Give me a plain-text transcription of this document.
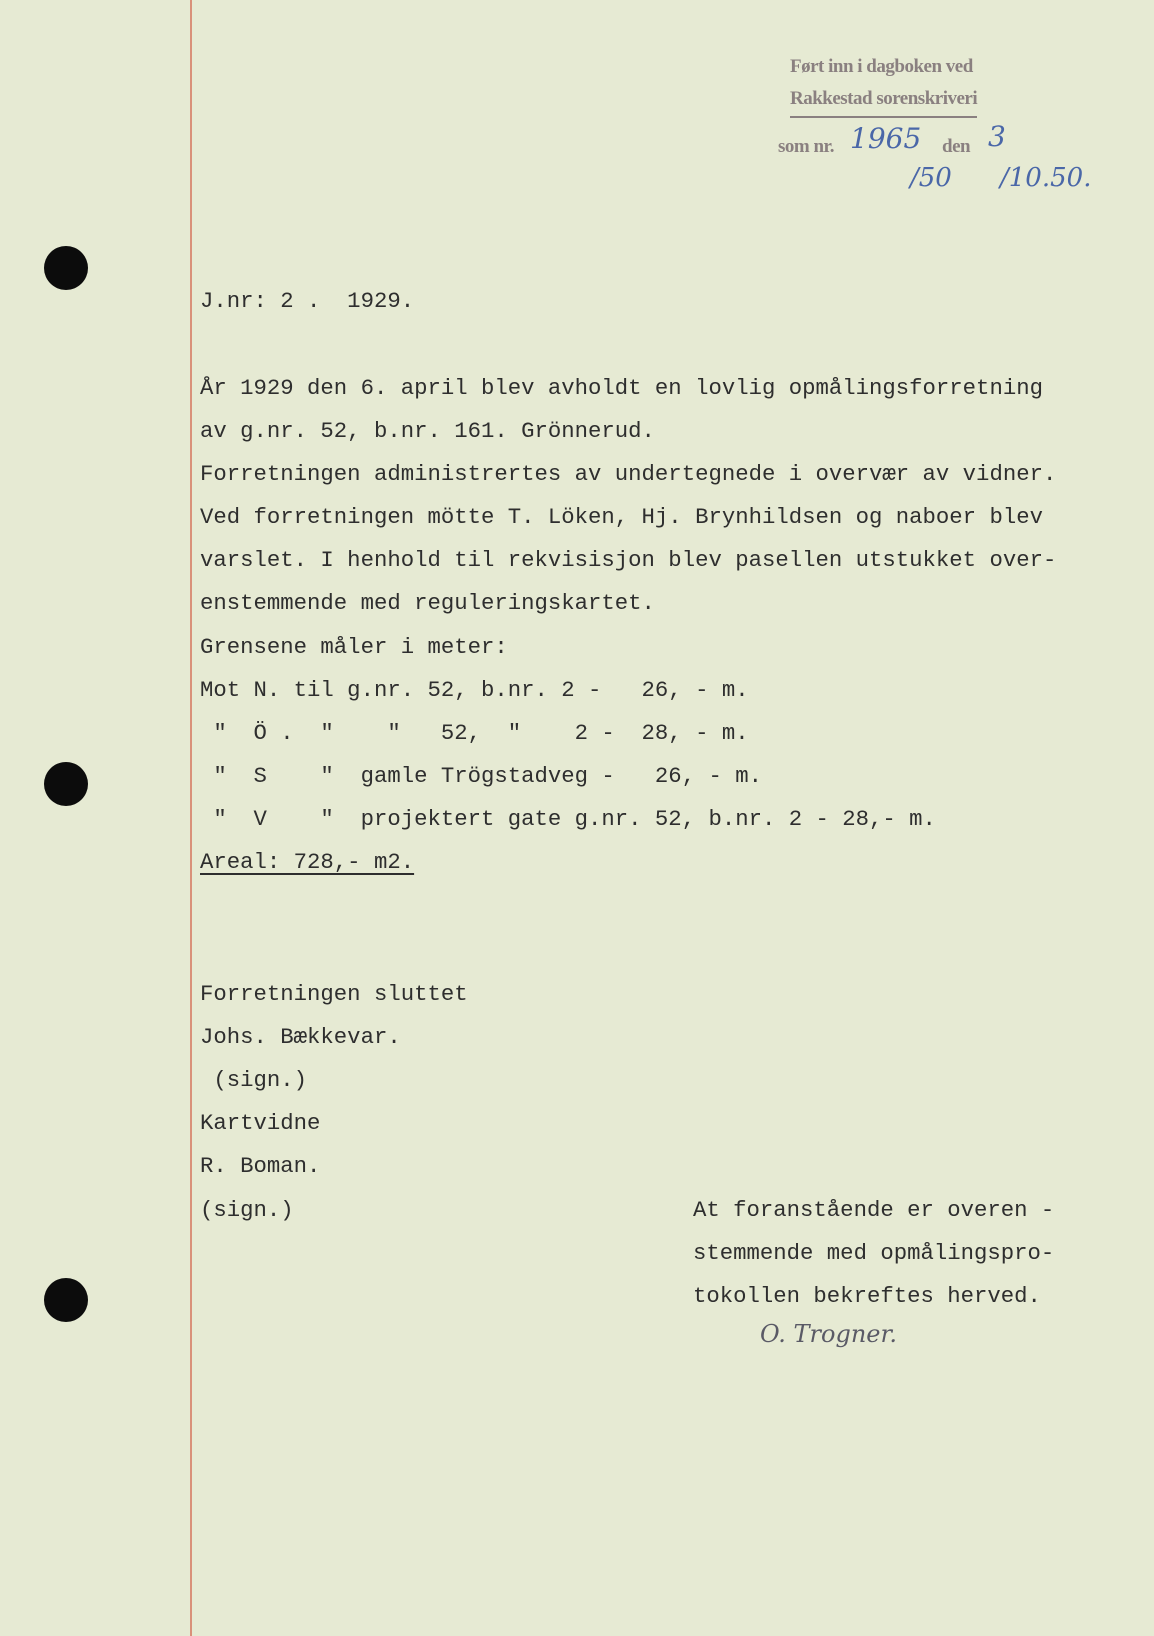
Ført inn i dagboken ved
Rakkestad sorenskriveri
som nr. 1965 den
/50
3
/10.50.
J.nr: 2 .  1929.
År 1929 den 6. april blev avholdt en lovlig opmålingsforretning
av g.nr. 52, b.nr. 161. Grönnerud.
Forretningen administrertes av undertegnede i overvær av vidner.
Ved forretningen mötte T. Löken, Hj. Brynhildsen og naboer blev
varslet. I henhold til rekvisisjon blev pasellen utstukket over-
enstemmende med reguleringskartet.
Grensene måler i meter:
Mot N. til g.nr. 52, b.nr. 2 -   26, - m.
"  Ö .  "    "   52,  "    2 -  28, - m.
"  S    "  gamle Trögstadveg -   26, - m.
"  V    "  projektert gate g.nr. 52, b.nr. 2 - 28,- m.
Areal: 728,- m2.
Forretningen sluttet
Johs. Bækkevar.
(sign.)
Kartvidne
R. Boman.
(sign.)	At foranstående er overen -
stemmende med opmålingspro-
tokollen bekreftes herved.
O. Trogner.
